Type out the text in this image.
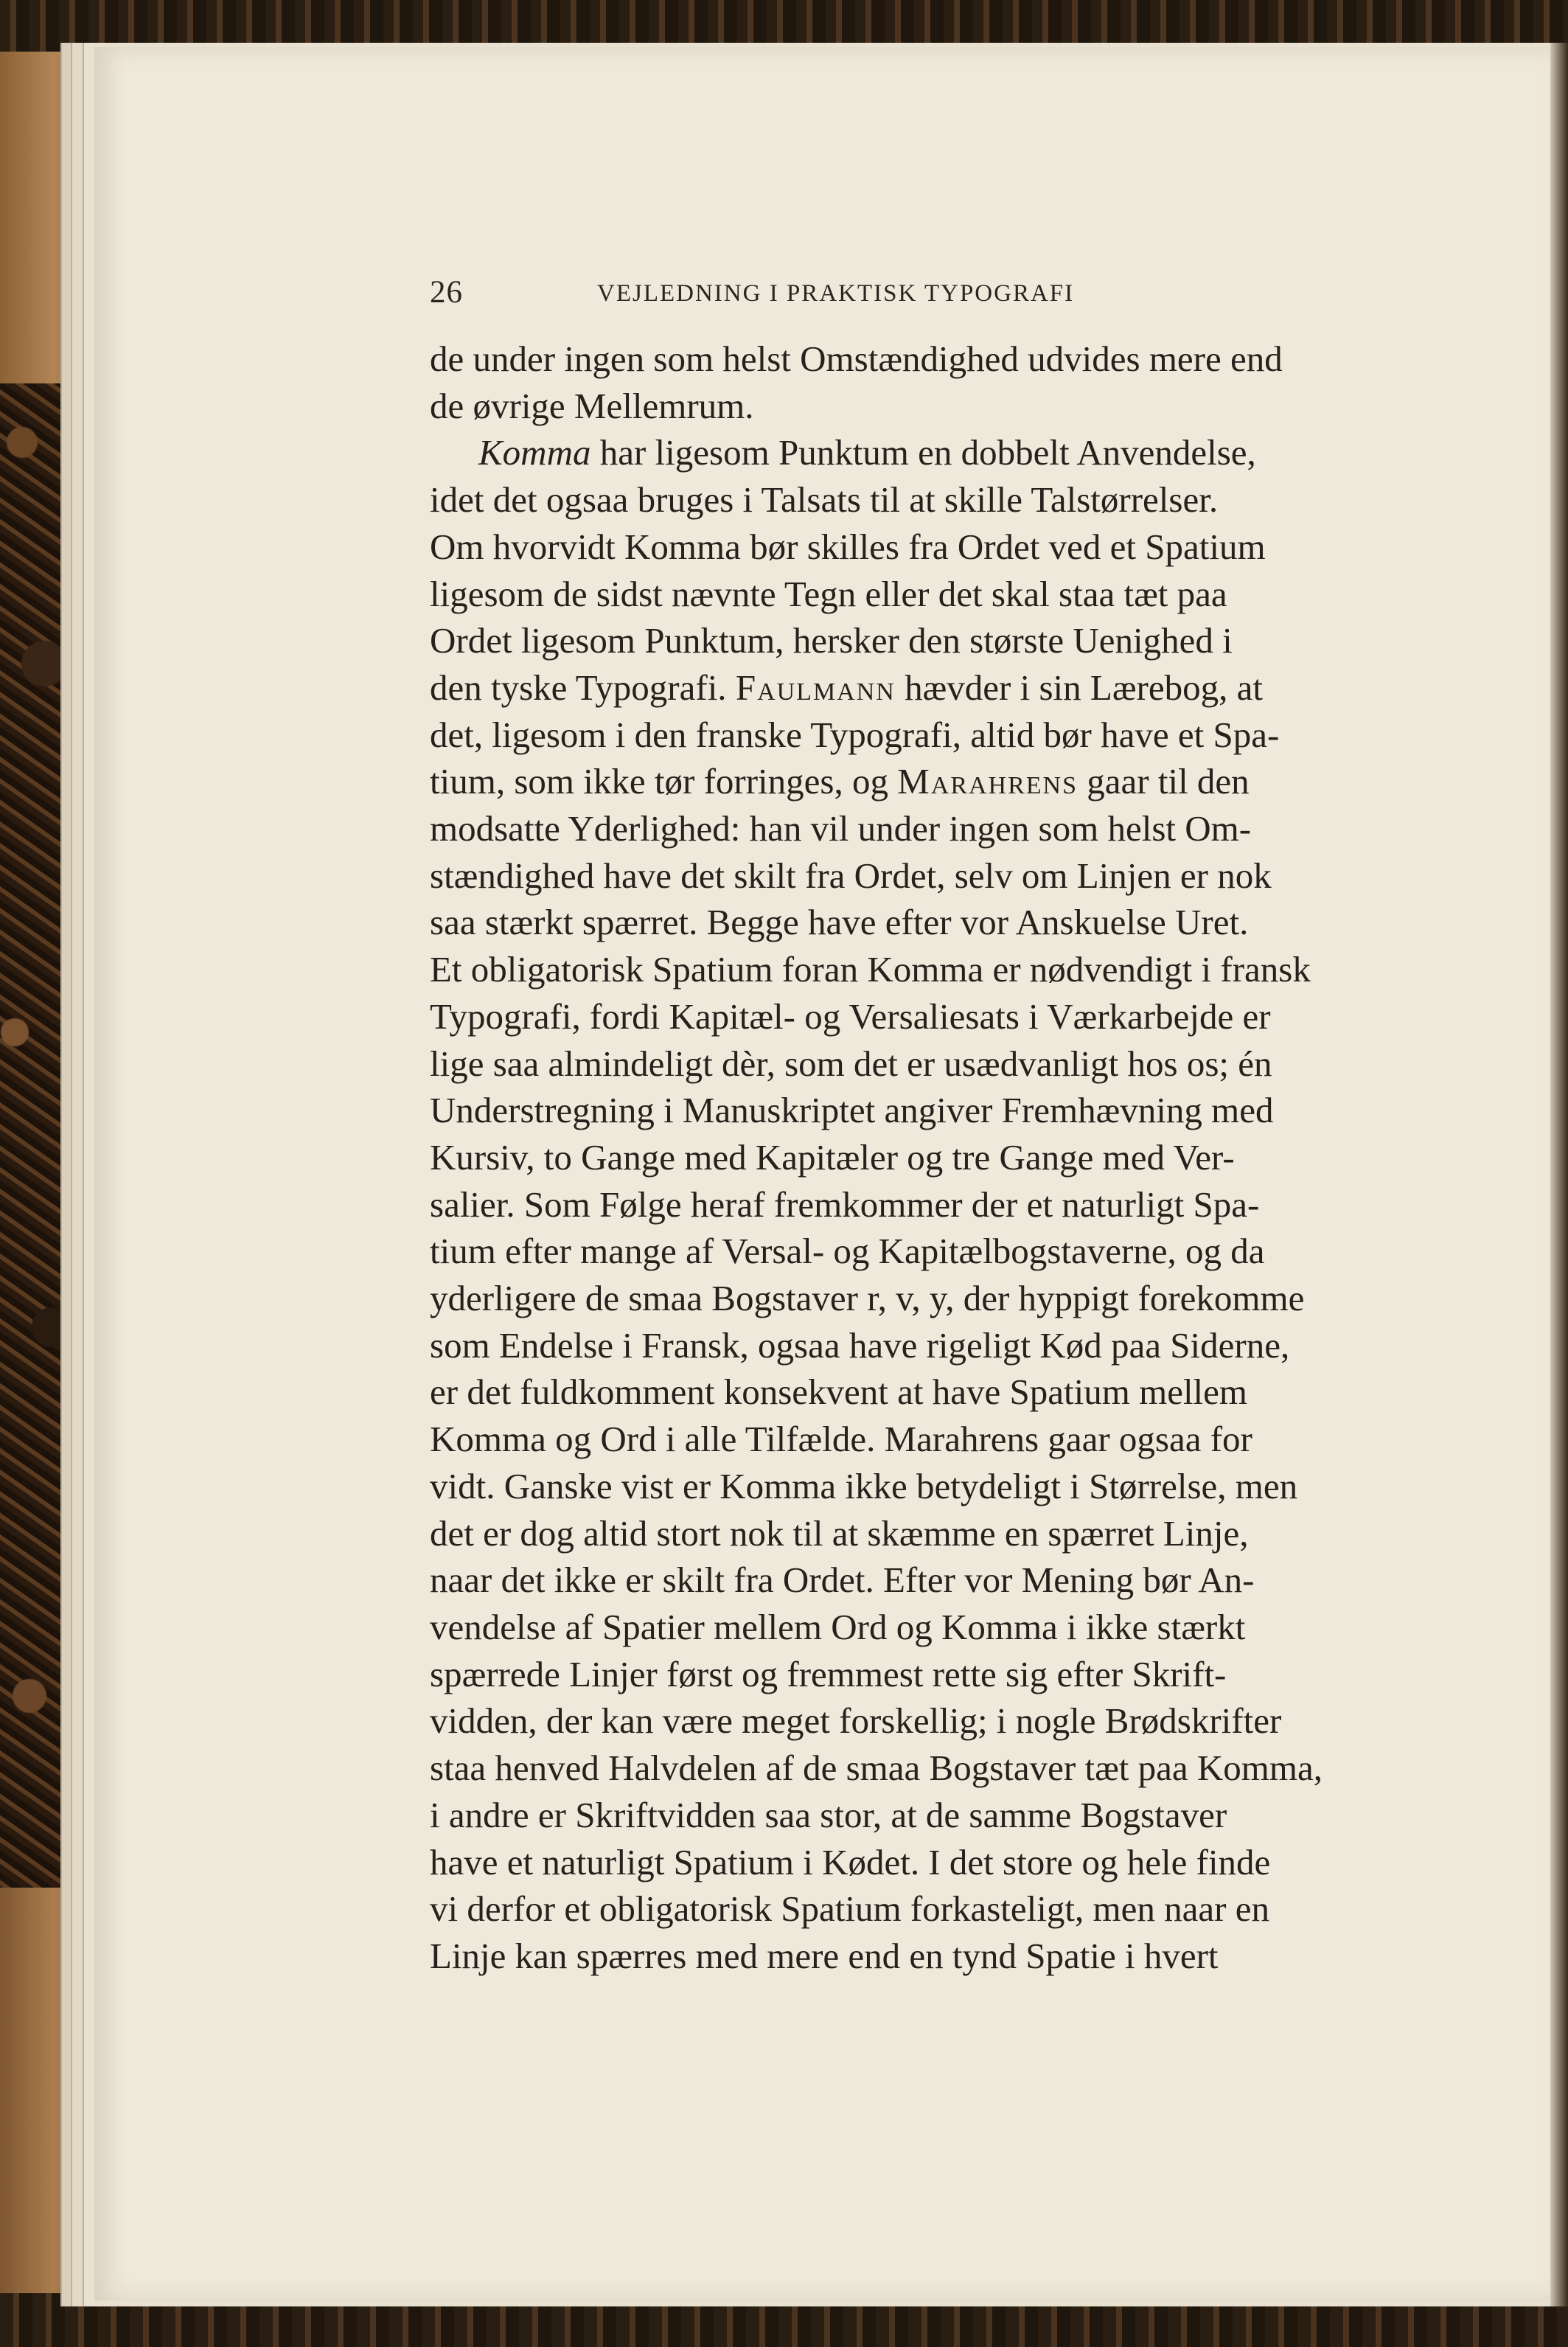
26	VEJLEDNING I PRAKTISK TYPOGRAFI
de under ingen som helst Omstændighed udvides mere end
de øvrige Mellemrum.
Komma har ligesom Punktum en dobbelt Anvendelse,
idet det ogsaa bruges i Talsats til at skille Talstørrelser.
Om hvorvidt Komma bør skilles fra Ordet ved et Spatium
ligesom de sidst nævnte Tegn eller det skal staa tæt paa
Ordet ligesom Punktum, hersker den største Uenighed i
den tyske Typografi. Faulmann hævder i sin Lærebog, at
det, ligesom i den franske Typografi, altid bør have et Spa-
tium, som ikke tør forringes, og Marahrens gaar til den
modsatte Yderlighed: han vil under ingen som helst Om-
stændighed have det skilt fra Ordet, selv om Linjen er nok
saa stærkt spærret. Begge have efter vor Anskuelse Uret.
Et obligatorisk Spatium foran Komma er nødvendigt i fransk
Typografi, fordi Kapitæl- og Versaliesats i Værkarbejde er
lige saa almindeligt dèr, som det er usædvanligt hos os; én
Understregning i Manuskriptet angiver Fremhævning med
Kursiv, to Gange med Kapitæler og tre Gange med Ver-
salier. Som Følge heraf fremkommer der et naturligt Spa-
tium efter mange af Versal- og Kapitælbogstaverne, og da
yderligere de smaa Bogstaver r, v, y, der hyppigt forekomme
som Endelse i Fransk, ogsaa have rigeligt Kød paa Siderne,
er det fuldkomment konsekvent at have Spatium mellem
Komma og Ord i alle Tilfælde. Marahrens gaar ogsaa for
vidt. Ganske vist er Komma ikke betydeligt i Størrelse, men
det er dog altid stort nok til at skæmme en spærret Linje,
naar det ikke er skilt fra Ordet. Efter vor Mening bør An-
vendelse af Spatier mellem Ord og Komma i ikke stærkt
spærrede Linjer først og fremmest rette sig efter Skrift-
vidden, der kan være meget forskellig; i nogle Brødskrifter
staa henved Halvdelen af de smaa Bogstaver tæt paa Komma,
i andre er Skriftvidden saa stor, at de samme Bogstaver
have et naturligt Spatium i Kødet. I det store og hele finde
vi derfor et obligatorisk Spatium forkasteligt, men naar en
Linje kan spærres med mere end en tynd Spatie i hvert
